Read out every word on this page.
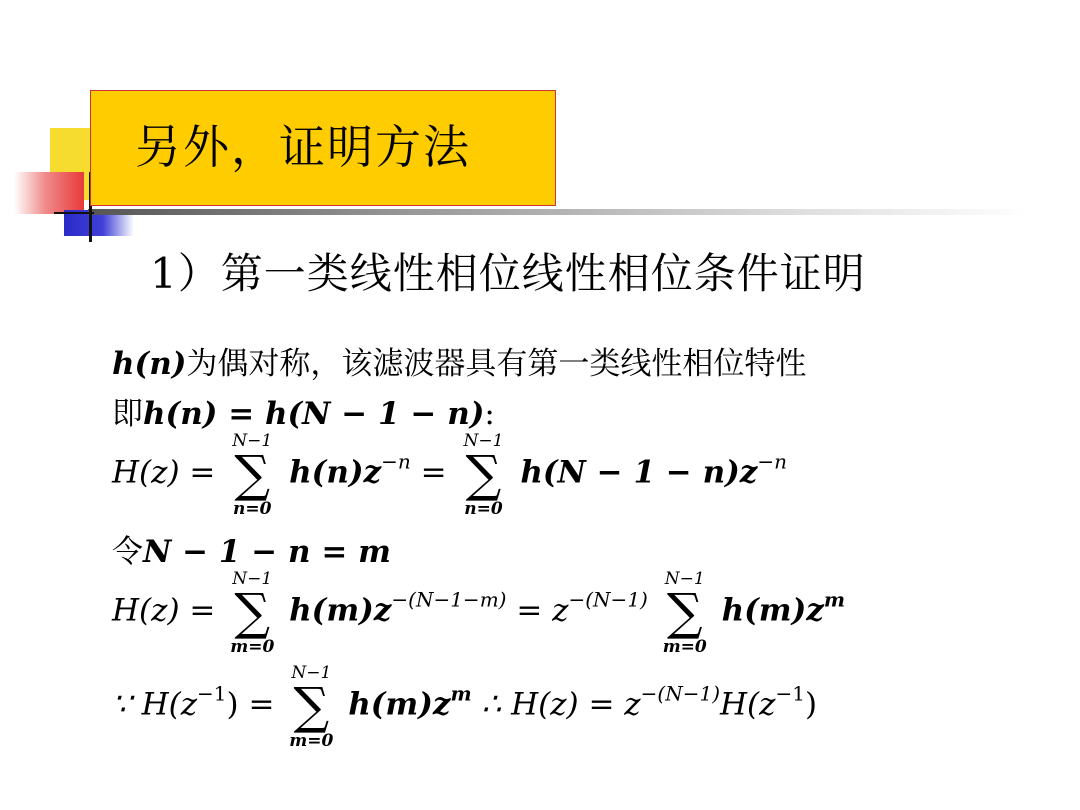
另外，证明方法
1）第一类线性相位线性相位条件证明
h(n)为偶对称，该滤波器具有第一类线性相位特性
即h(n) = h(N − 1 − n):
H(z) =
N−1
∑
n=0
$h(n)z^{-n}$ =
N−1
∑
n=0
$h(N - 1 - n)z^{-n}$
令N − 1 − n = m
H(z) =
N−1
∑
m=0
$h(m)z^{-(N-1-m)} = z^{-(N-1)}$
N−1
∑
m=0
$h(m)z^m$
∵ $H(z^{-1})$ =
N−1
∑
m=0
$h(m)z^m$ ∴ $H(z) = z^{-(N-1)}H(z^{-1})$
